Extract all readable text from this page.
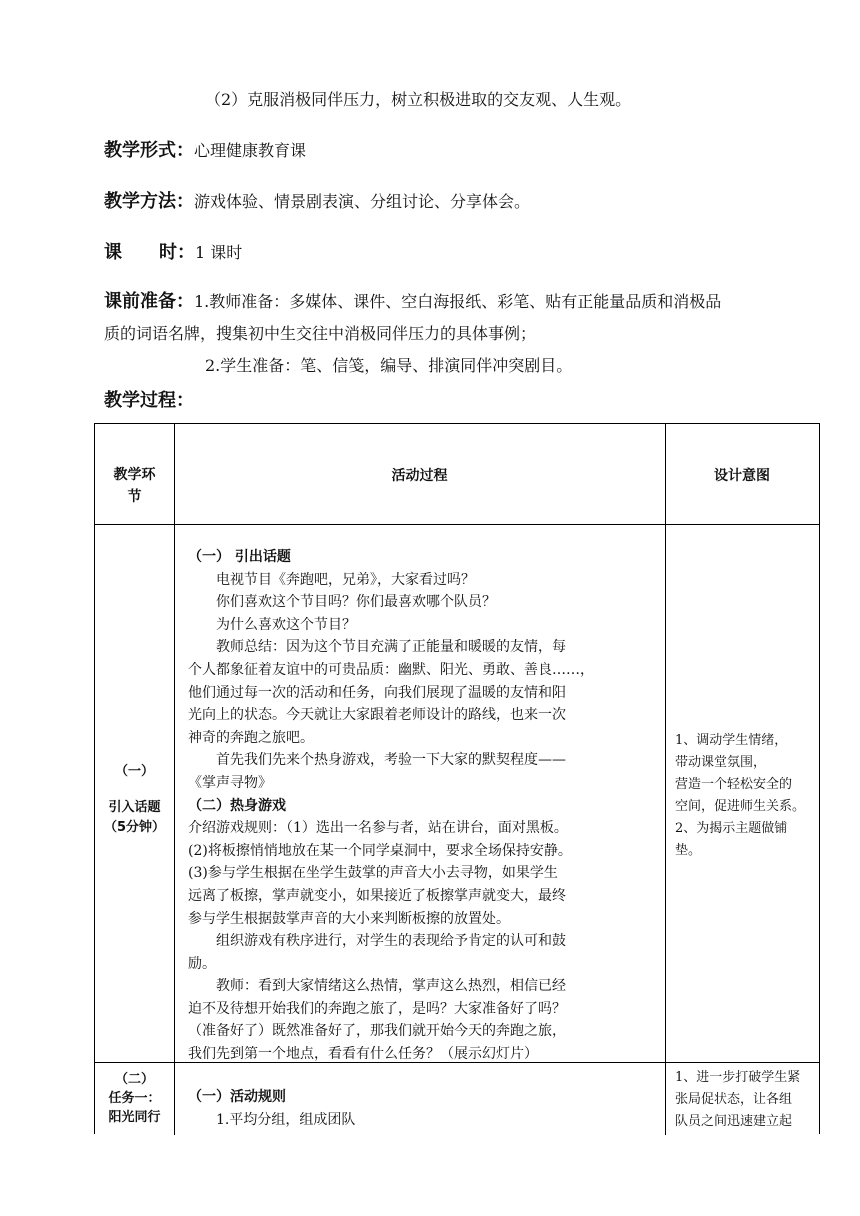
（2）克服消极同伴压力，树立积极进取的交友观、人生观。
教学形式：心理健康教育课
教学方法：游戏体验、情景剧表演、分组讨论、分享体会。
课 时：1 课时
课前准备：1.教师准备：多媒体、课件、空白海报纸、彩笔、贴有正能量品质和消极品
质的词语名牌，搜集初中生交往中消极同伴压力的具体事例；
2.学生准备：笔、信笺，编导、排演同伴冲突剧目。
教学过程：
教学环
节
活动过程	设计意图
（一）
引入话题
（5分钟）

（一） 引出话题

电视节目《奔跑吧，兄弟》，大家看过吗？

你们喜欢这个节目吗？你们最喜欢哪个队员？

为什么喜欢这个节目？

教师总结：因为这个节目充满了正能量和暖暖的友情，每

个人都象征着友谊中的可贵品质：幽默、阳光、勇敢、善良……，

他们通过每一次的活动和任务，向我们展现了温暖的友情和阳

光向上的状态。今天就让大家跟着老师设计的路线，也来一次

神奇的奔跑之旅吧。

首先我们先来个热身游戏，考验一下大家的默契程度——

《掌声寻物》

（二）热身游戏

介绍游戏规则：（1）选出一名参与者，站在讲台，面对黑板。

(2)将板擦悄悄地放在某一个同学桌洞中，要求全场保持安静。

(3)参与学生根据在坐学生鼓掌的声音大小去寻物，如果学生

远离了板擦，掌声就变小，如果接近了板擦掌声就变大，最终

参与学生根据鼓掌声音的大小来判断板擦的放置处。

组织游戏有秩序进行，对学生的表现给予肯定的认可和鼓

励。

教师：看到大家情绪这么热情，掌声这么热烈，相信已经

迫不及待想开始我们的奔跑之旅了，是吗？大家准备好了吗？

（准备好了）既然准备好了，那我们就开始今天的奔跑之旅，

我们先到第一个地点，看看有什么任务？（展示幻灯片）

1、调动学生情绪，

带动课堂氛围，

营造一个轻松安全的

空间，促进师生关系。

2、为揭示主题做铺

垫。

（二）
任务一：
阳光同行

（一）活动规则

1.平均分组，组成团队

1、进一步打破学生紧

张局促状态，让各组

队员之间迅速建立起
